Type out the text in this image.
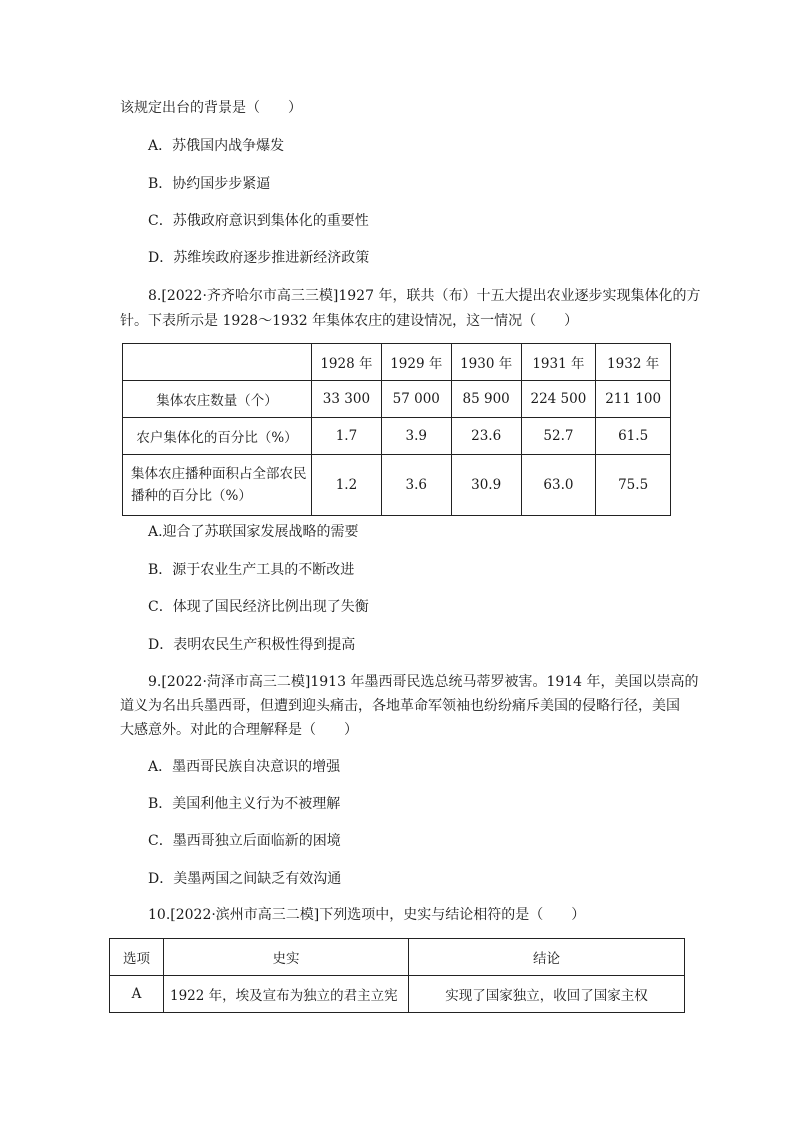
该规定出台的背景是（　　）
A．苏俄国内战争爆发
B．协约国步步紧逼
C．苏俄政府意识到集体化的重要性
D．苏维埃政府逐步推进新经济政策
8.[2022·齐齐哈尔市高三三模]1927 年，联共（布）十五大提出农业逐步实现集体化的方
针。下表所示是 1928～1932 年集体农庄的建设情况，这一情况（　　）
	1928 年	1929 年	1930 年	1931 年	1932 年
集体农庄数量（个）	33 300	57 000	85 900	224 500	211 100
农户集体化的百分比（%）	1.7	3.9	23.6	52.7	61.5
集体农庄播种面积占全部农民播种的百分比（%）	1.2	3.6	30.9	63.0	75.5
A.迎合了苏联国家发展战略的需要
B．源于农业生产工具的不断改进
C．体现了国民经济比例出现了失衡
D．表明农民生产积极性得到提高
9.[2022·菏泽市高三二模]1913 年墨西哥民选总统马蒂罗被害。1914 年，美国以崇高的
道义为名出兵墨西哥，但遭到迎头痛击，各地革命军领袖也纷纷痛斥美国的侵略行径，美国
大感意外。对此的合理解释是（　　）
A．墨西哥民族自决意识的增强
B．美国利他主义行为不被理解
C．墨西哥独立后面临新的困境
D．美墨两国之间缺乏有效沟通
10.[2022·滨州市高三二模]下列选项中，史实与结论相符的是（　　）
选项	史实	结论
A	1922 年，埃及宣布为独立的君主立宪	实现了国家独立，收回了国家主权
